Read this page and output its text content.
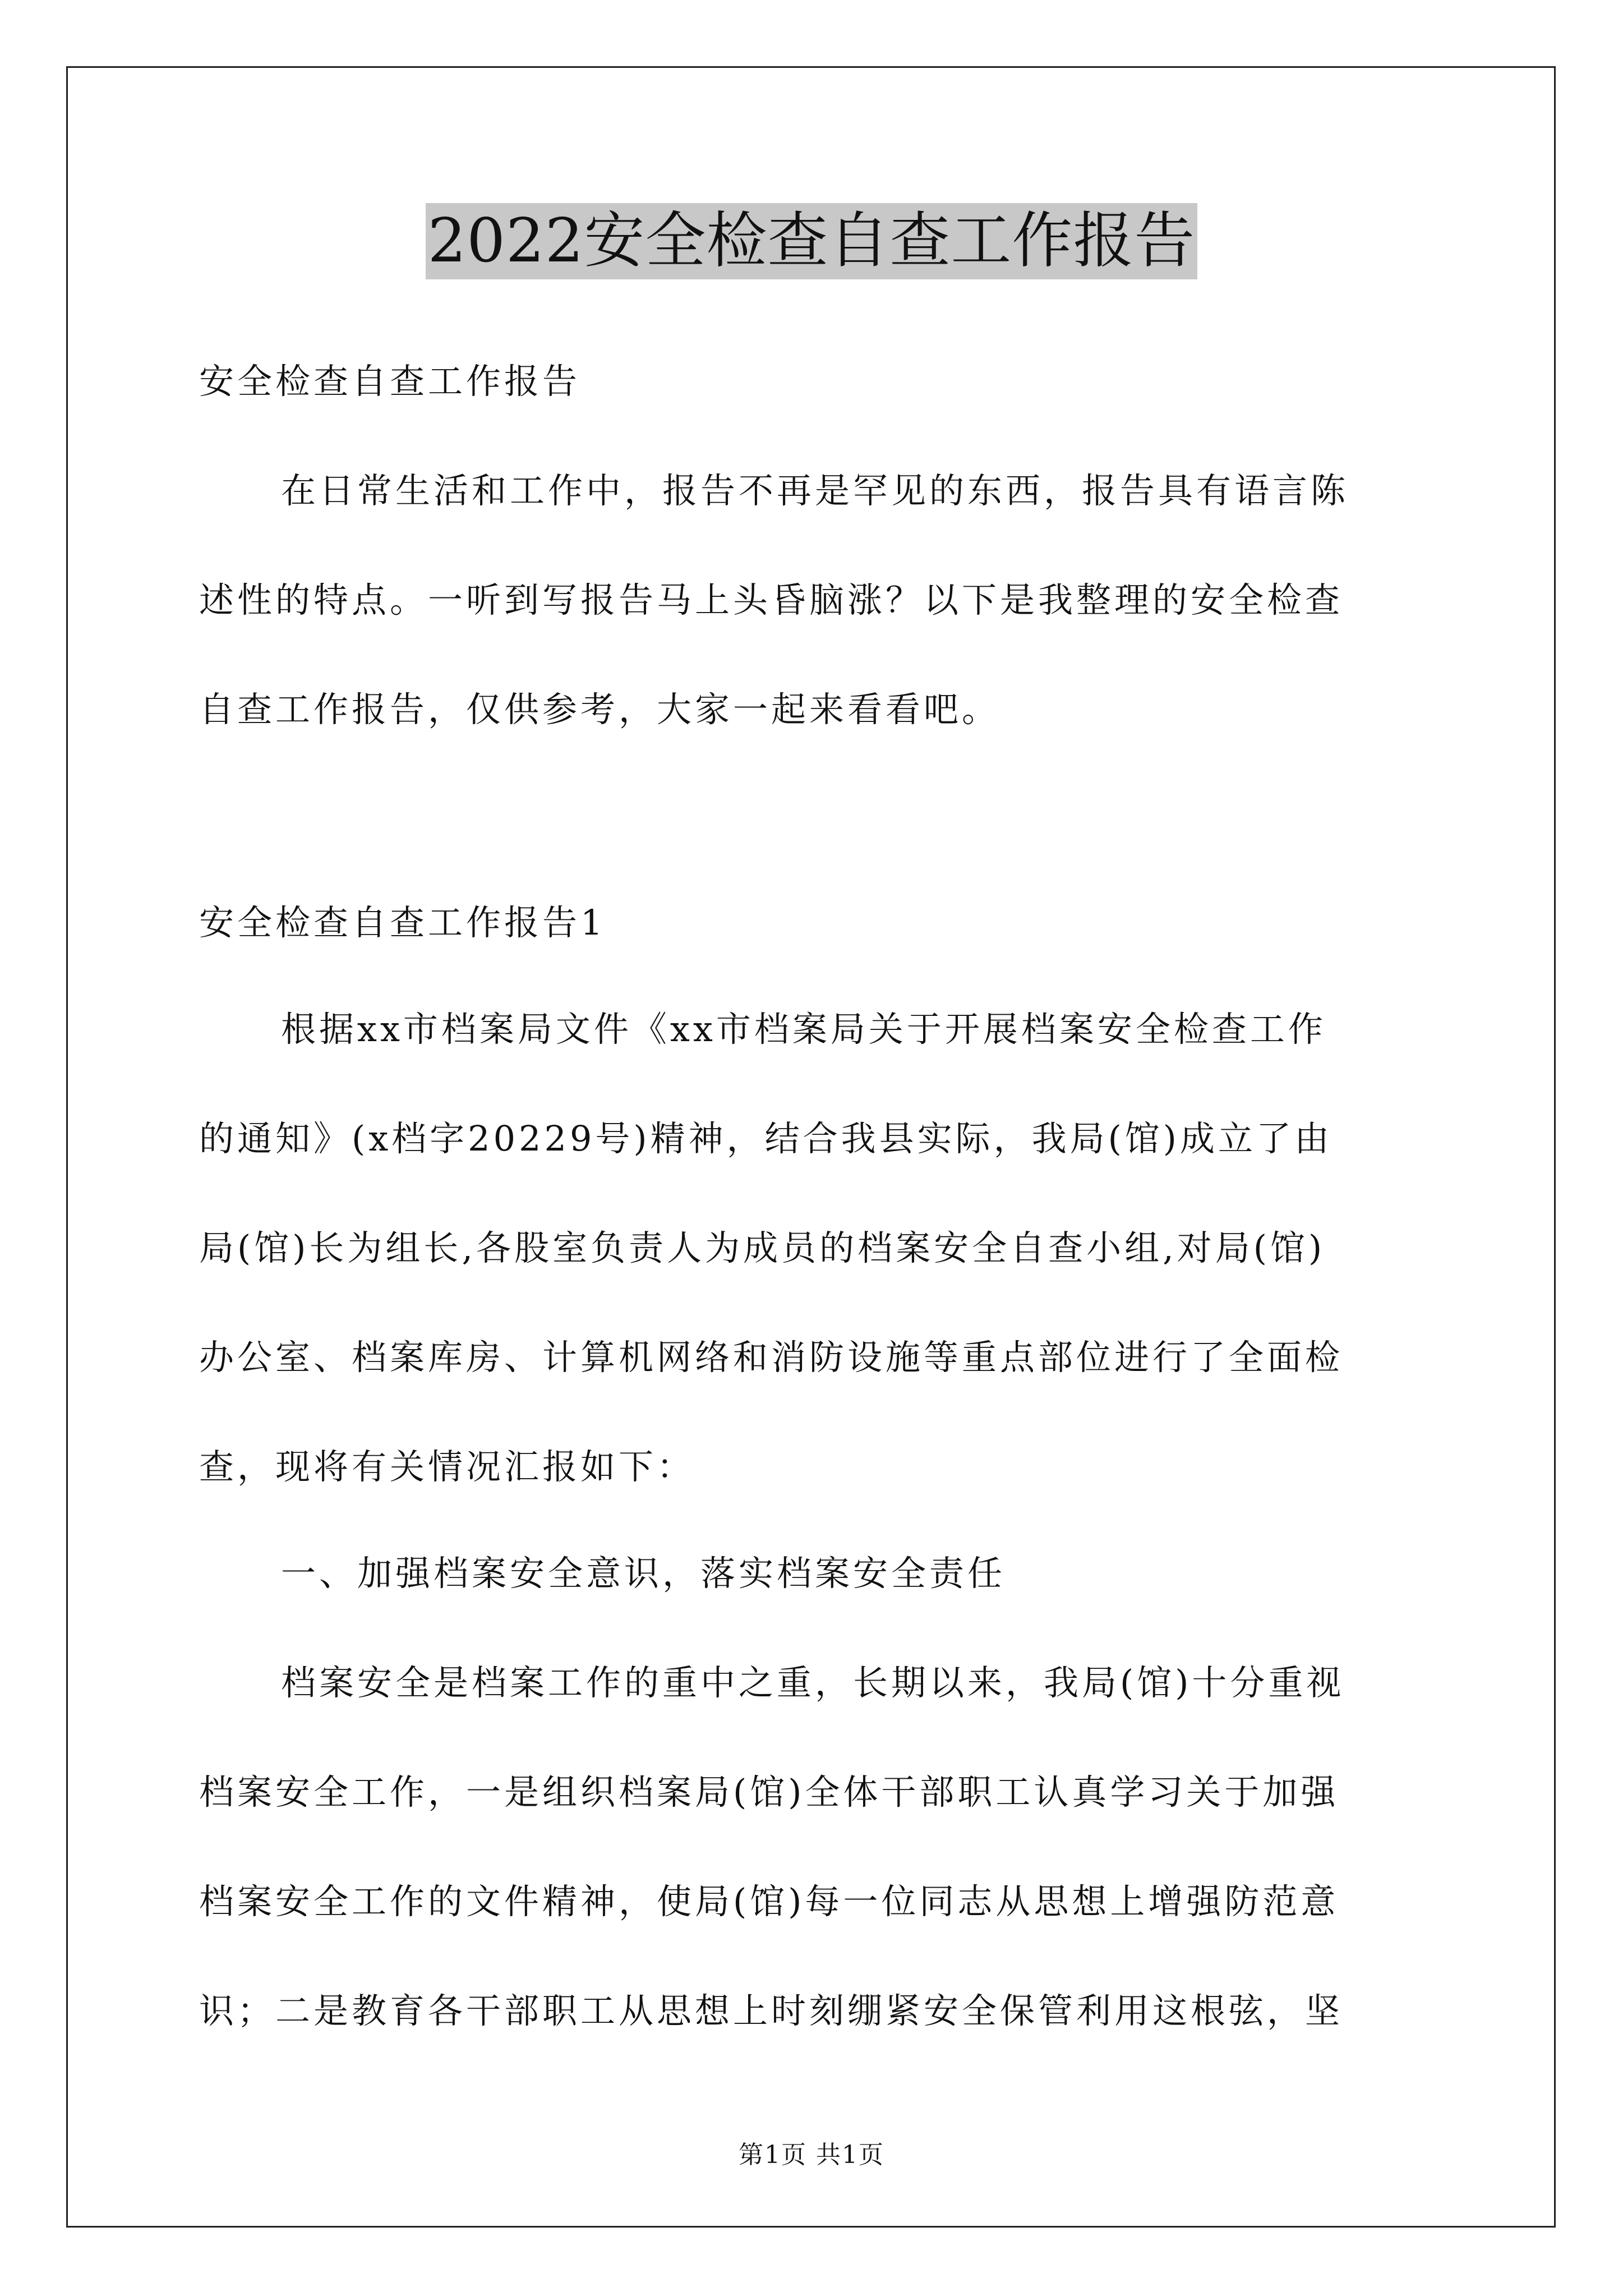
2022安全检查自查工作报告
安全检查自查工作报告
在日常生活和工作中，报告不再是罕见的东西，报告具有语言陈
述性的特点。一听到写报告马上头昏脑涨？以下是我整理的安全检查
自查工作报告，仅供参考，大家一起来看看吧。
安全检查自查工作报告1
根据xx市档案局文件《xx市档案局关于开展档案安全检查工作
的通知》(x档字20229号)精神，结合我县实际，我局(馆)成立了由
局(馆)长为组长,各股室负责人为成员的档案安全自查小组,对局(馆)
办公室、档案库房、计算机网络和消防设施等重点部位进行了全面检
查，现将有关情况汇报如下：
一、加强档案安全意识，落实档案安全责任
档案安全是档案工作的重中之重，长期以来，我局(馆)十分重视
档案安全工作，一是组织档案局(馆)全体干部职工认真学习关于加强
档案安全工作的文件精神，使局(馆)每一位同志从思想上增强防范意
识；二是教育各干部职工从思想上时刻绷紧安全保管利用这根弦，坚
第1页 共1页
